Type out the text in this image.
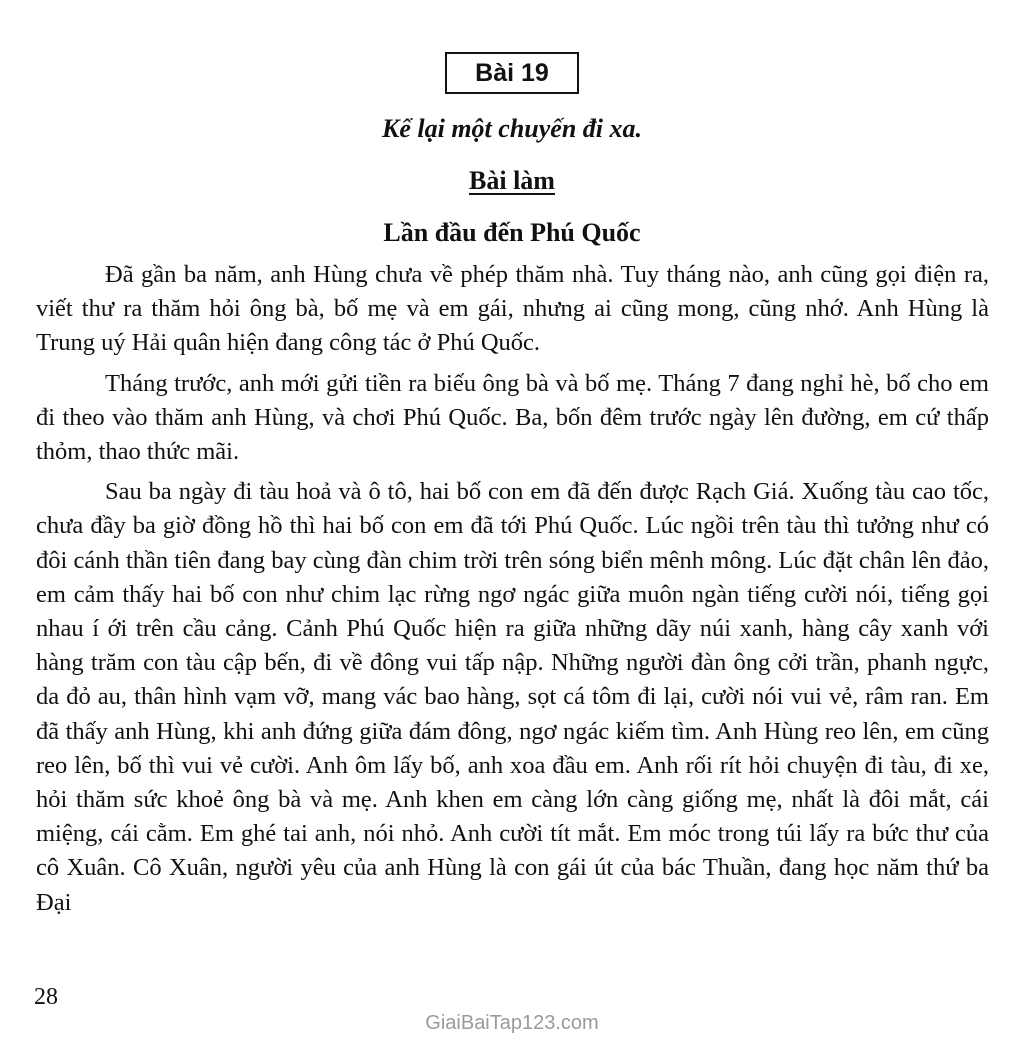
Bài 19
Kể lại một chuyến đi xa.
Bài làm
Lần đầu đến Phú Quốc

Đã gần ba năm, anh Hùng chưa về phép thăm nhà. Tuy tháng nào, anh cũng gọi điện ra, viết thư ra thăm hỏi ông bà, bố mẹ và em gái, nhưng ai cũng mong, cũng nhớ. Anh Hùng là Trung uý Hải quân hiện đang công tác ở Phú Quốc.

Tháng trước, anh mới gửi tiền ra biếu ông bà và bố mẹ. Tháng 7 đang nghỉ hè, bố cho em đi theo vào thăm anh Hùng, và chơi Phú Quốc. Ba, bốn đêm trước ngày lên đường, em cứ thấp thỏm, thao thức mãi.

Sau ba ngày đi tàu hoả và ô tô, hai bố con em đã đến được Rạch Giá. Xuống tàu cao tốc, chưa đầy ba giờ đồng hồ thì hai bố con em đã tới Phú Quốc. Lúc ngồi trên tàu thì tưởng như có đôi cánh thần tiên đang bay cùng đàn chim trời trên sóng biển mênh mông. Lúc đặt chân lên đảo, em cảm thấy hai bố con như chim lạc rừng ngơ ngác giữa muôn ngàn tiếng cười nói, tiếng gọi nhau í ới trên cầu cảng. Cảnh Phú Quốc hiện ra giữa những dãy núi xanh, hàng cây xanh với hàng trăm con tàu cập bến, đi về đông vui tấp nập. Những người đàn ông cởi trần, phanh ngực, da đỏ au, thân hình vạm vỡ, mang vác bao hàng, sọt cá tôm đi lại, cười nói vui vẻ, râm ran. Em đã thấy anh Hùng, khi anh đứng giữa đám đông, ngơ ngác kiếm tìm. Anh Hùng reo lên, em cũng reo lên, bố thì vui vẻ cười. Anh ôm lấy bố, anh xoa đầu em. Anh rối rít hỏi chuyện đi tàu, đi xe, hỏi thăm sức khoẻ ông bà và mẹ. Anh khen em càng lớn càng giống mẹ, nhất là đôi mắt, cái miệng, cái cằm. Em ghé tai anh, nói nhỏ. Anh cười tít mắt. Em móc trong túi lấy ra bức thư của cô Xuân. Cô Xuân, người yêu của anh Hùng là con gái út của bác Thuần, đang học năm thứ ba Đại

28
GiaiBaiTap123.com
